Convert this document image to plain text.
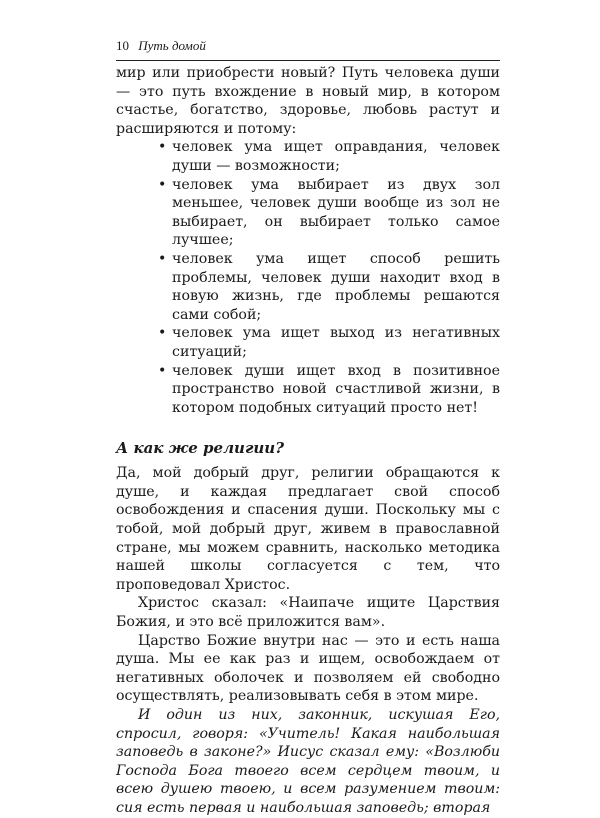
10 Путь домой

мир или приобрести новый? Путь человека души — это путь вхождение в новый мир, в котором счастье, богатство, здоровье, любовь растут и расширяются и потому:

• человек ума ищет оправдания, человек души — возможности;
• человек ума выбирает из двух зол меньшее, человек души вообще из зол не выбирает, он выбирает только самое лучшее;
• человек ума ищет способ решить проблемы, человек души находит вход в новую жизнь, где проблемы решаются сами собой;
• человек ума ищет выход из негативных ситуаций;
• человек души ищет вход в позитивное пространство новой счастливой жизни, в котором подобных ситуаций просто нет!
А как же религии?

Да, мой добрый друг, религии обращаются к душе, и каждая предлагает свой способ освобождения и спасения души. Поскольку мы с тобой, мой добрый друг, живем в православной стране, мы можем сравнить, насколько методика нашей школы согласуется с тем, что проповедовал Христос.

Христос сказал: «Наипаче ищите Царствия Божия, и это всё приложится вам».

Царство Божие внутри нас — это и есть наша душа. Мы ее как раз и ищем, освобождаем от негативных оболочек и позволяем ей свободно осуществлять, реализовывать себя в этом мире.

И один из них, законник, искушая Его, спросил, говоря: «Учитель! Какая наибольшая заповедь в законе?» Иисус сказал ему: «Возлюби Господа Бога твоего всем сердцем твоим, и всею душею твоею, и всем разумением твоим: сия есть первая и наибольшая заповедь; вторая
